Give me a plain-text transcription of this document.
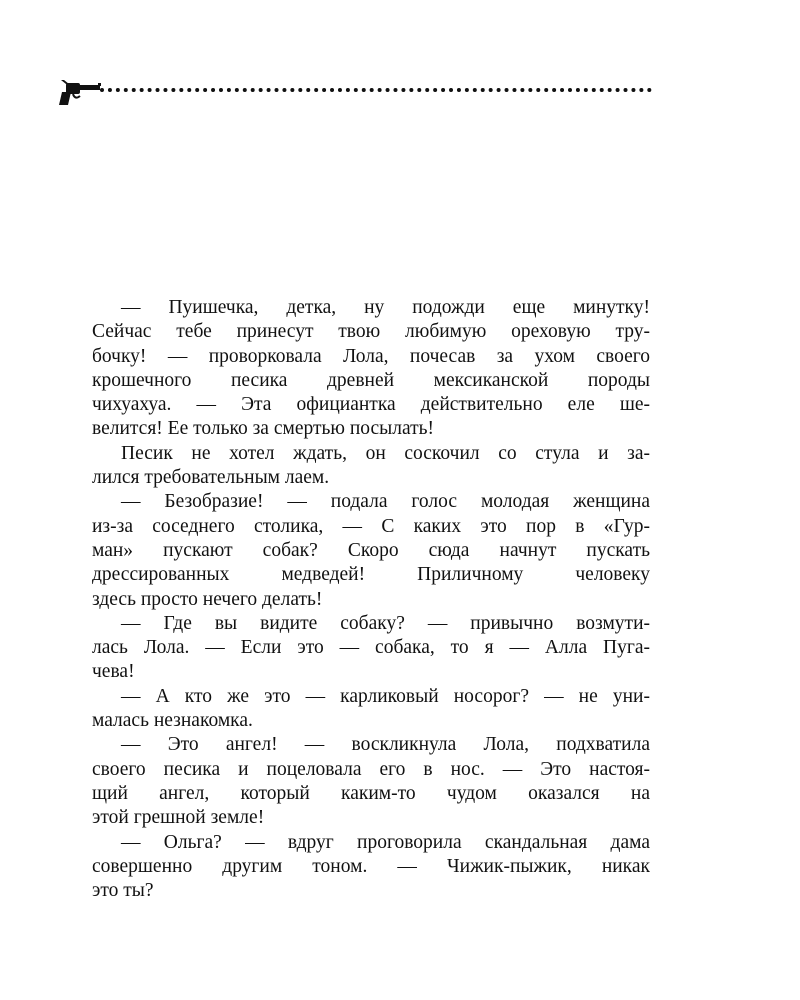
— Пуишечка, детка, ну подожди еще минутку!
Сейчас тебе принесут твою любимую ореховую тру-
бочку! — проворковала Лола, почесав за ухом своего
крошечного песика древней мексиканской породы
чихуахуа. — Эта официантка действительно еле ше-
велится! Ее только за смертью посылать!

Песик не хотел ждать, он соскочил со стула и за-
лился требовательным лаем.

— Безобразие! — подала голос молодая женщина
из-за соседнего столика, — С каких это пор в «Гур-
ман» пускают собак? Скоро сюда начнут пускать
дрессированных медведей! Приличному человеку
здесь просто нечего делать!

— Где вы видите собаку? — привычно возмути-
лась Лола. — Если это — собака, то я — Алла Пуга-
чева!

— А кто же это — карликовый носорог? — не уни-
малась незнакомка.

— Это ангел! — воскликнула Лола, подхватила
своего песика и поцеловала его в нос. — Это настоя-
щий ангел, который каким-то чудом оказался на
этой грешной земле!

— Ольга? — вдруг проговорила скандальная дама
совершенно другим тоном. — Чижик-пыжик, никак
это ты?
